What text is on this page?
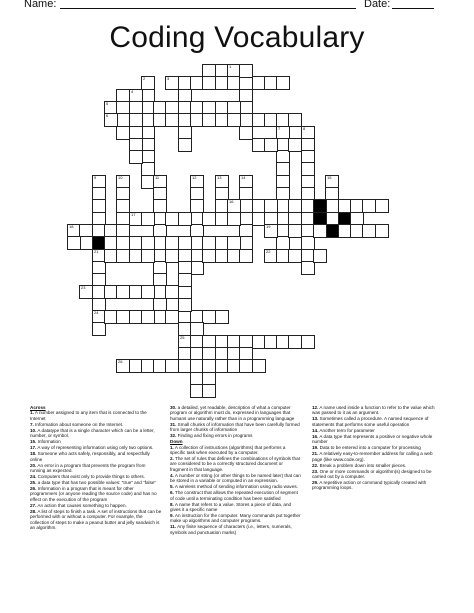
Name:	Date:
Coding Vocabulary
1
2	3
4
5
6
7	8
9
20
21
10	11	12	13	14	15
16
17
18	19
22
24
23
25
26
Across
1. A number assigned to any item that is connected to the Internet
7. Information about someone on the Internet.
10. A datatype that is a single character which can be a letter, number, or symbol.
15. Information
17. A way of representing information using only two options.
18. Someone who acts safely, responsibly, and respectfully online
20. An error in a program that prevents the program from running as expected.
24. Computers that exist only to provide things to others.
25. a data type that has two possible values: "true" and "false"
26. Information in a program that is meant for other programmers (or anyone reading the source code) and has no effect on the execution of the program
27. An action that causes something to happen.
28. A list of steps to finish a task. A set of instructions that can be performed with or without a computer. For example, the collection of steps to make a peanut butter and jelly sandwich is an algorithm.
30. a detailed, yet readable, description of what a computer program or algorithm must do, expressed in languages that humans use naturally rather than in a programming language
31. Small chunks of information that have been carefully formed from larger chunks of information
32. Finding and fixing errors in programs
Down
1. A collection of instructions (algorithms) that performs a specific task when executed by a computer.
2. The set of rules that defines the combinations of symbols that are considered to be a correctly structured document or fragment in that language.
4. A number or string (or other things to be named later) that can be stored in a variable or computed in an expression.
5. A wireless method of sending information using radio waves.
6. The construct that allows the repeated execution of segment of code until a terminating condition has been satisfied
8. A name that refers to a value. Stores a piece of data, and gives it a specific name
9. An instruction for the computer. Many commands put together make up algorithms and computer programs.
11. Any finite sequence of characters (i.e., letters, numerals, symbols and punctuation marks)
12. A name used inside a function to refer to the value which was passed to it as an argument.
13. Sometimes called a procedure. A named sequence of statements that performs some useful operation
14. Another term for parameter
16. A data type that represents a positive or negative whole number
19. Data to be entered into a computer for processing
21. A relatively easy-to-remember address for calling a web page (like www.code.org).
22. Break a problem down into smaller pieces.
23. One or more commands or algorithm(s) designed to be carried out by a computer.
29. A repetitive action or command typically created with programming loops.
